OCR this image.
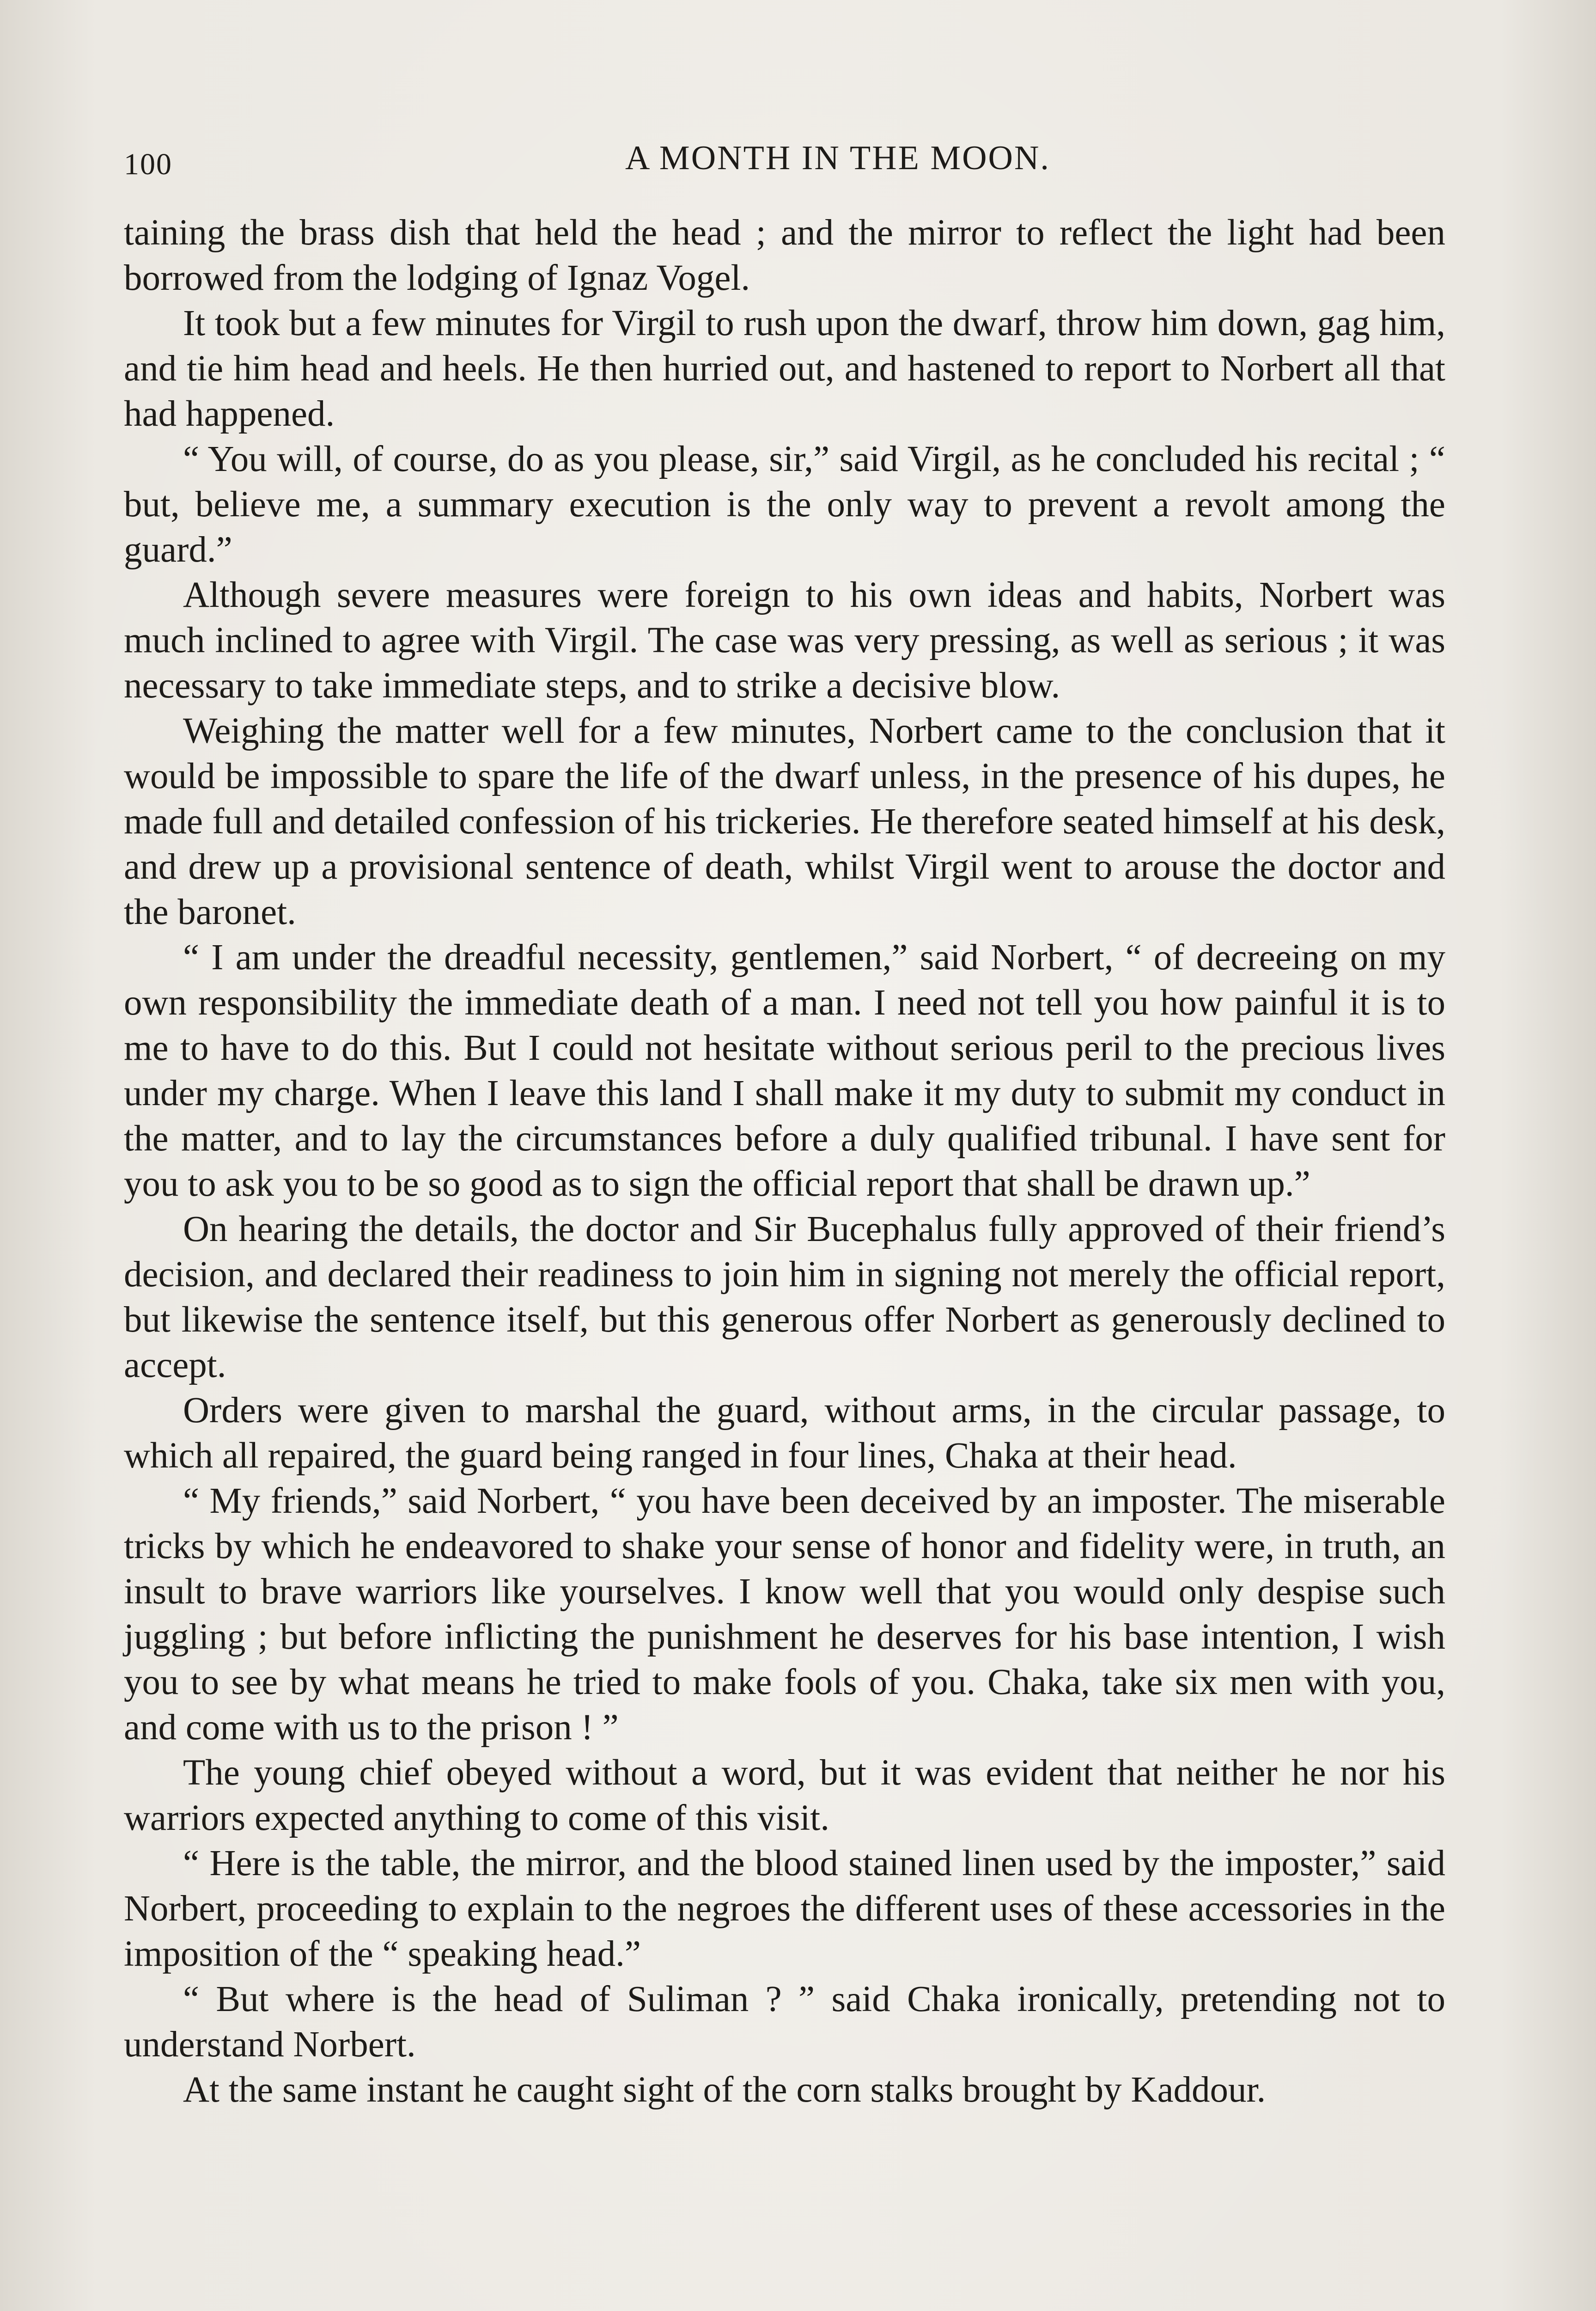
100	A MONTH IN THE MOON.

taining the brass dish that held the head ; and the mirror to reflect the light had been borrowed from the lodging of Ignaz Vogel.

It took but a few minutes for Virgil to rush upon the dwarf, throw him down, gag him, and tie him head and heels. He then hurried out, and hastened to report to Norbert all that had happened.

“ You will, of course, do as you please, sir,” said Virgil, as he concluded his recital ; “ but, believe me, a summary execution is the only way to prevent a revolt among the guard.”

Although severe measures were foreign to his own ideas and habits, Norbert was much inclined to agree with Virgil. The case was very pressing, as well as serious ; it was necessary to take immediate steps, and to strike a decisive blow.

Weighing the matter well for a few minutes, Norbert came to the conclusion that it would be impossible to spare the life of the dwarf unless, in the presence of his dupes, he made full and detailed confession of his trickeries. He therefore seated himself at his desk, and drew up a provisional sentence of death, whilst Virgil went to arouse the doctor and the baronet.

“ I am under the dreadful necessity, gentlemen,” said Norbert, “ of decreeing on my own responsibility the immediate death of a man. I need not tell you how painful it is to me to have to do this. But I could not hesitate without serious peril to the precious lives under my charge. When I leave this land I shall make it my duty to submit my conduct in the matter, and to lay the circumstances before a duly qualified tribunal. I have sent for you to ask you to be so good as to sign the official report that shall be drawn up.”

On hearing the details, the doctor and Sir Bucephalus fully approved of their friend’s decision, and declared their readiness to join him in signing not merely the official report, but likewise the sentence itself, but this generous offer Norbert as generously declined to accept.

Orders were given to marshal the guard, without arms, in the circular passage, to which all repaired, the guard being ranged in four lines, Chaka at their head.

“ My friends,” said Norbert, “ you have been deceived by an imposter. The miserable tricks by which he endeavored to shake your sense of honor and fidelity were, in truth, an insult to brave warriors like yourselves. I know well that you would only despise such juggling ; but before inflicting the punishment he deserves for his base intention, I wish you to see by what means he tried to make fools of you. Chaka, take six men with you, and come with us to the prison ! ”

The young chief obeyed without a word, but it was evident that neither he nor his warriors expected anything to come of this visit.

“ Here is the table, the mirror, and the blood stained linen used by the imposter,” said Norbert, proceeding to explain to the negroes the different uses of these accessories in the imposition of the “ speaking head.”

“ But where is the head of Suliman ? ” said Chaka ironically, pretending not to understand Norbert.

At the same instant he caught sight of the corn stalks brought by Kaddour.
